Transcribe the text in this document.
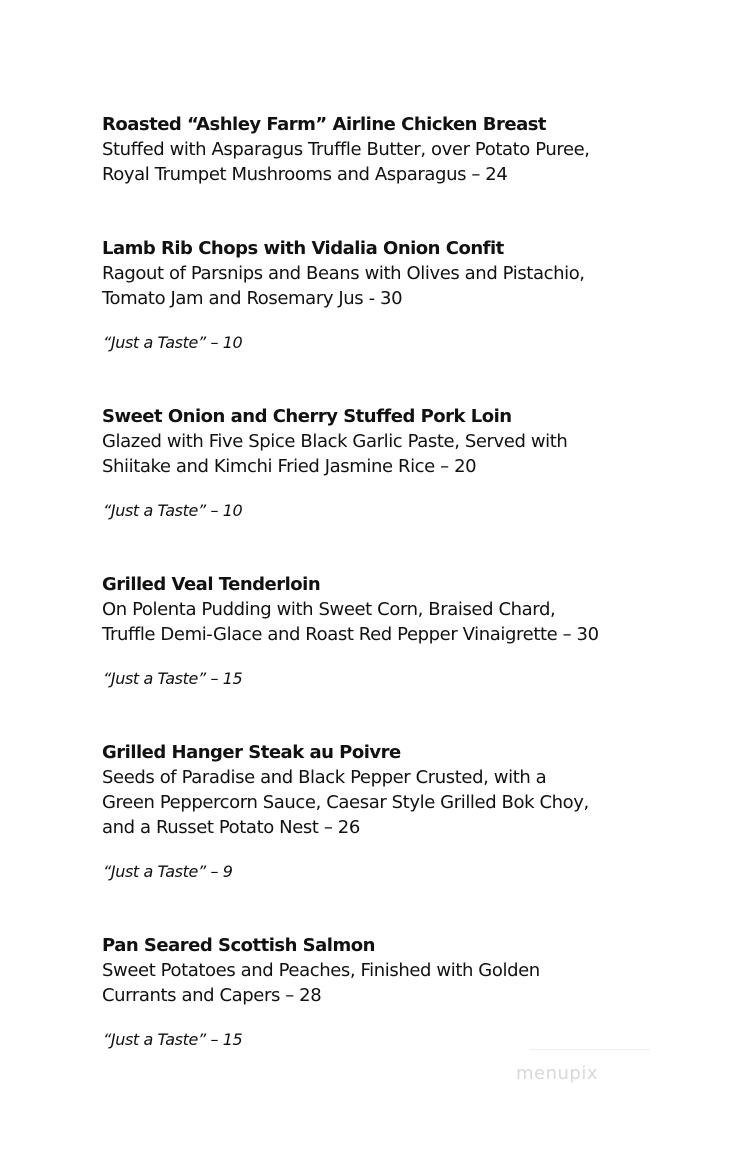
Roasted “Ashley Farm” Airline Chicken Breast
Stuffed with Asparagus Truffle Butter, over Potato Puree,
Royal Trumpet Mushrooms and Asparagus – 24
Lamb Rib Chops with Vidalia Onion Confit
Ragout of Parsnips and Beans with Olives and Pistachio,
Tomato Jam and Rosemary Jus - 30
“Just a Taste” – 10
Sweet Onion and Cherry Stuffed Pork Loin
Glazed with Five Spice Black Garlic Paste, Served with
Shiitake and Kimchi Fried Jasmine Rice – 20
“Just a Taste” – 10
Grilled Veal Tenderloin
On Polenta Pudding with Sweet Corn, Braised Chard,
Truffle Demi-Glace and Roast Red Pepper Vinaigrette – 30
“Just a Taste” – 15
Grilled Hanger Steak au Poivre
Seeds of Paradise and Black Pepper Crusted, with a
Green Peppercorn Sauce, Caesar Style Grilled Bok Choy,
and a Russet Potato Nest – 26
“Just a Taste” – 9
Pan Seared Scottish Salmon
Sweet Potatoes and Peaches, Finished with Golden
Currants and Capers – 28
“Just a Taste” – 15
menupix
